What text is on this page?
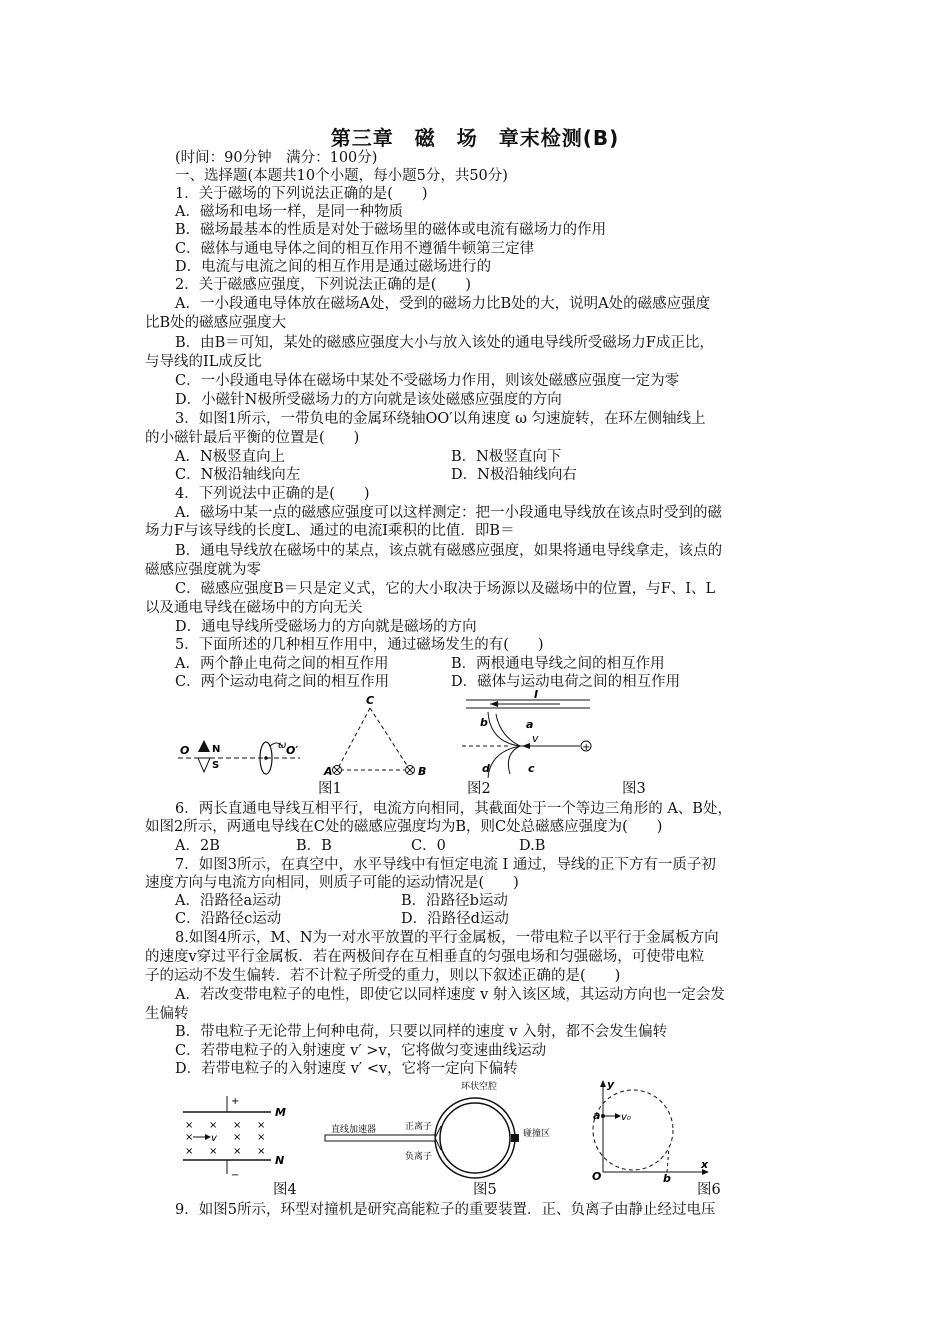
第三章　磁　场　章末检测(B)
(时间：90分钟　满分：100分)
一、选择题(本题共10个小题，每小题5分，共50分)
1．关于磁场的下列说法正确的是(　　)
A．磁场和电场一样，是同一种物质
B．磁场最基本的性质是对处于磁场里的磁体或电流有磁场力的作用
C．磁体与通电导体之间的相互作用不遵循牛顿第三定律
D．电流与电流之间的相互作用是通过磁场进行的
2．关于磁感应强度，下列说法正确的是(　　)
A．一小段通电导体放在磁场A处，受到的磁场力比B处的大，说明A处的磁感应强度
比B处的磁感应强度大
B．由B＝可知，某处的磁感应强度大小与放入该处的通电导线所受磁场力F成正比，
与导线的IL成反比
C．一小段通电导体在磁场中某处不受磁场力作用，则该处磁感应强度一定为零
D．小磁针N极所受磁场力的方向就是该处磁感应强度的方向
3．如图1所示，一带负电的金属环绕轴OO′以角速度 ω 匀速旋转，在环左侧轴线上
的小磁针最后平衡的位置是(　　)
A．N极竖直向上	B．N极竖直向下
C．N极沿轴线向左	D．N极沿轴线向右
4．下列说法中正确的是(　　)
A．磁场中某一点的磁感应强度可以这样测定：把一小段通电导线放在该点时受到的磁
场力F与该导线的长度L、通过的电流I乘积的比值．即B＝
B．通电导线放在磁场中的某点，该点就有磁感应强度，如果将通电导线拿走，该点的
磁感应强度就为零
C．磁感应强度B＝只是定义式，它的大小取决于场源以及磁场中的位置，与F、I、L
以及通电导线在磁场中的方向无关
D．通电导线所受磁场力的方向就是磁场的方向
5．下面所述的几种相互作用中，通过磁场发生的有(　　)
A．两个静止电荷之间的相互作用	B．两根通电导线之间的相互作用
C．两个运动电荷之间的相互作用	D．磁体与运动电荷之间的相互作用
O N
S
ω O′
C
A	B
I
+
v
b	a
d	c
图1	图2	图3
6．两长直通电导线互相平行，电流方向相同，其截面处于一个等边三角形的 A、B处，
如图2所示，两通电导线在C处的磁感应强度均为B，则C处总磁感应强度为(　　)
A．2B	B．B	C．0	D.B
7．如图3所示，在真空中，水平导线中有恒定电流 I 通过，导线的正下方有一质子初
速度方向与电流方向相同，则质子可能的运动情况是(　　)
A．沿路径a运动	B．沿路径b运动
C．沿路径c运动	D．沿路径d运动
8.如图4所示，M、N为一对水平放置的平行金属板，一带电粒子以平行于金属板方向
的速度v穿过平行金属板．若在两极间存在互相垂直的匀强电场和匀强磁场，可使带电粒
子的运动不发生偏转．若不计粒子所受的重力，则以下叙述正确的是(　　)
A．若改变带电粒子的电性，即使它以同样速度 v 射入该区域，其运动方向也一定会发
生偏转
B．带电粒子无论带上何种电荷，只要以同样的速度 v 入射，都不会发生偏转
C．若带电粒子的入射速度 v′ >v，它将做匀变速曲线运动
D．若带电粒子的入射速度 v′ <v，它将一定向下偏转
+
M
× × × ×
× v × ×
× × × ×
N
−
环状空腔
直线加速器	正离子
负离子
碰撞区
x
y
O
a v₀
b
图4	图5	图6
9．如图5所示，环型对撞机是研究高能粒子的重要装置．正、负离子由静止经过电压
